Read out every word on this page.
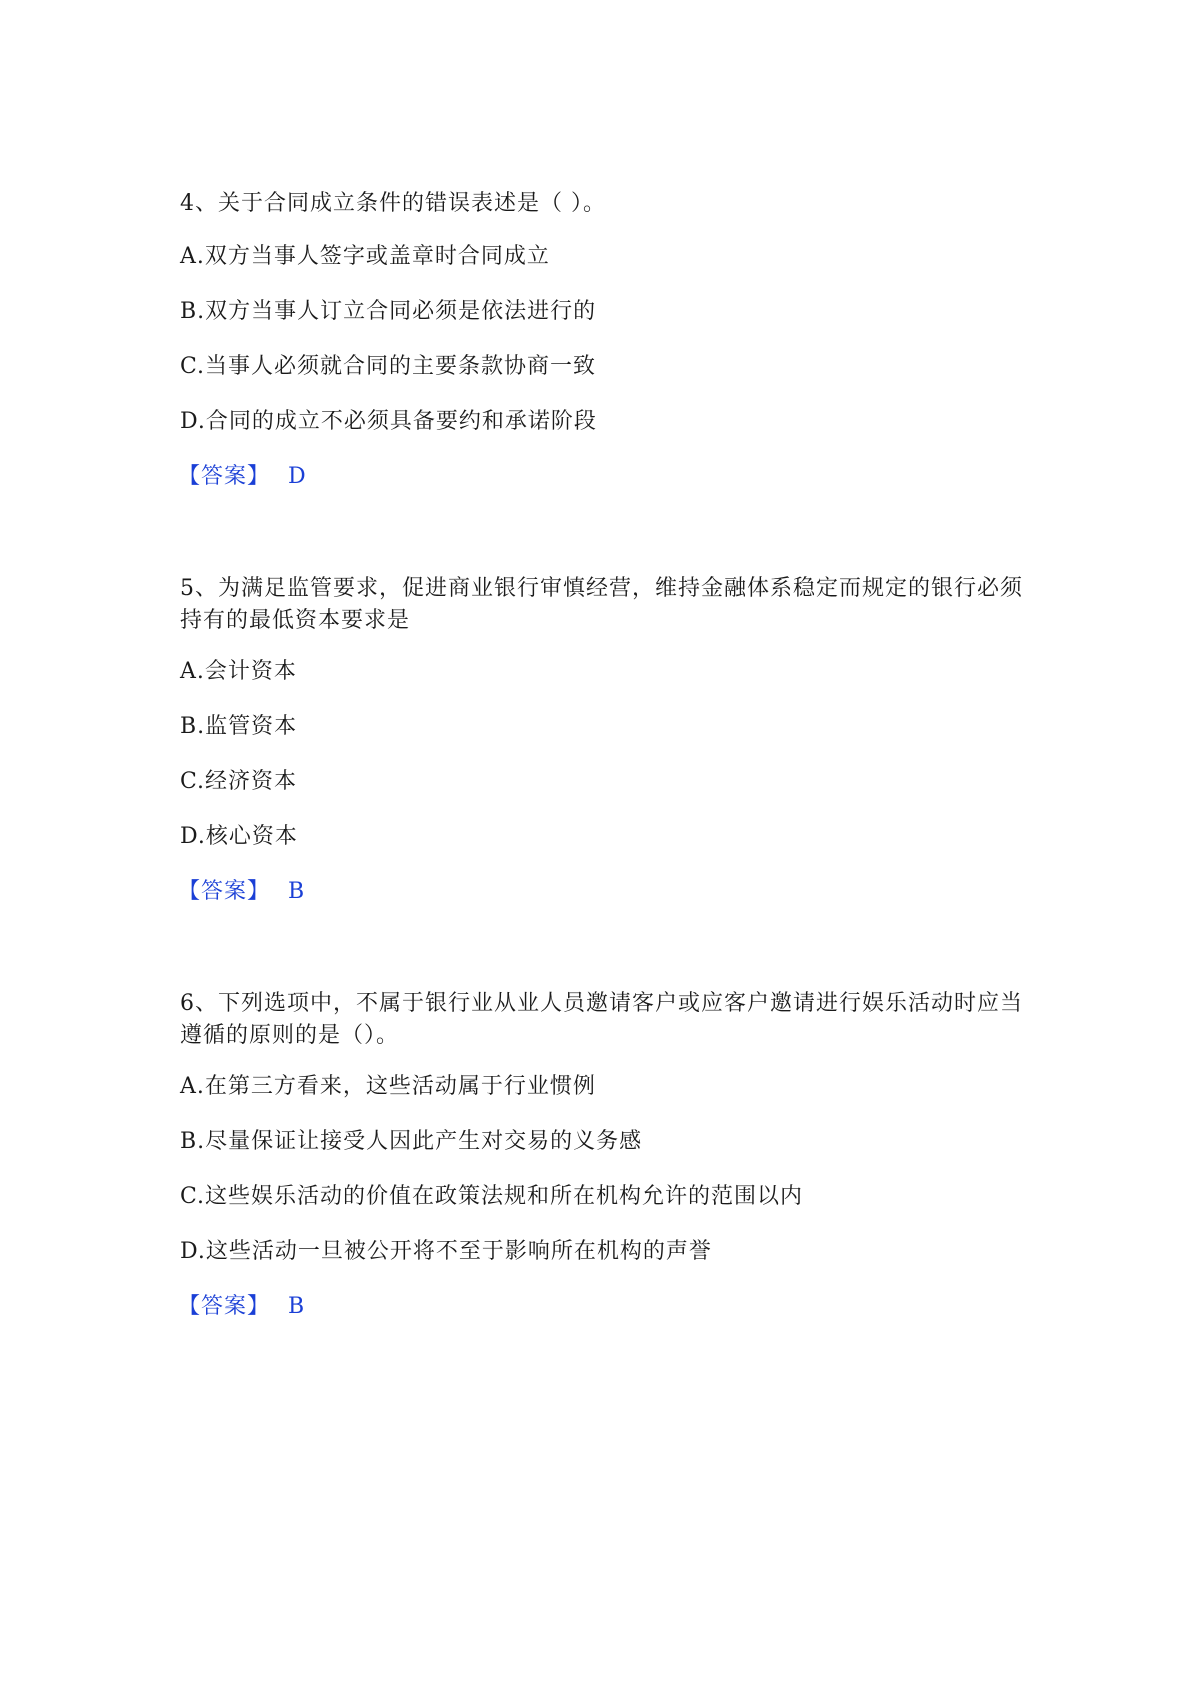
4、关于合同成立条件的错误表述是（ ）。

A.双方当事人签字或盖章时合同成立
B.双方当事人订立合同必须是依法进行的
C.当事人必须就合同的主要条款协商一致
D.合同的成立不必须具备要约和承诺阶段
【答案】 D

5、为满足监管要求，促进商业银行审慎经营，维持金融体系稳定而规定的银行必须持有的最低资本要求是

A.会计资本
B.监管资本
C.经济资本
D.核心资本
【答案】 B

6、下列选项中，不属于银行业从业人员邀请客户或应客户邀请进行娱乐活动时应当遵循的原则的是（）。

A.在第三方看来，这些活动属于行业惯例
B.尽量保证让接受人因此产生对交易的义务感
C.这些娱乐活动的价值在政策法规和所在机构允许的范围以内
D.这些活动一旦被公开将不至于影响所在机构的声誉
【答案】 B
